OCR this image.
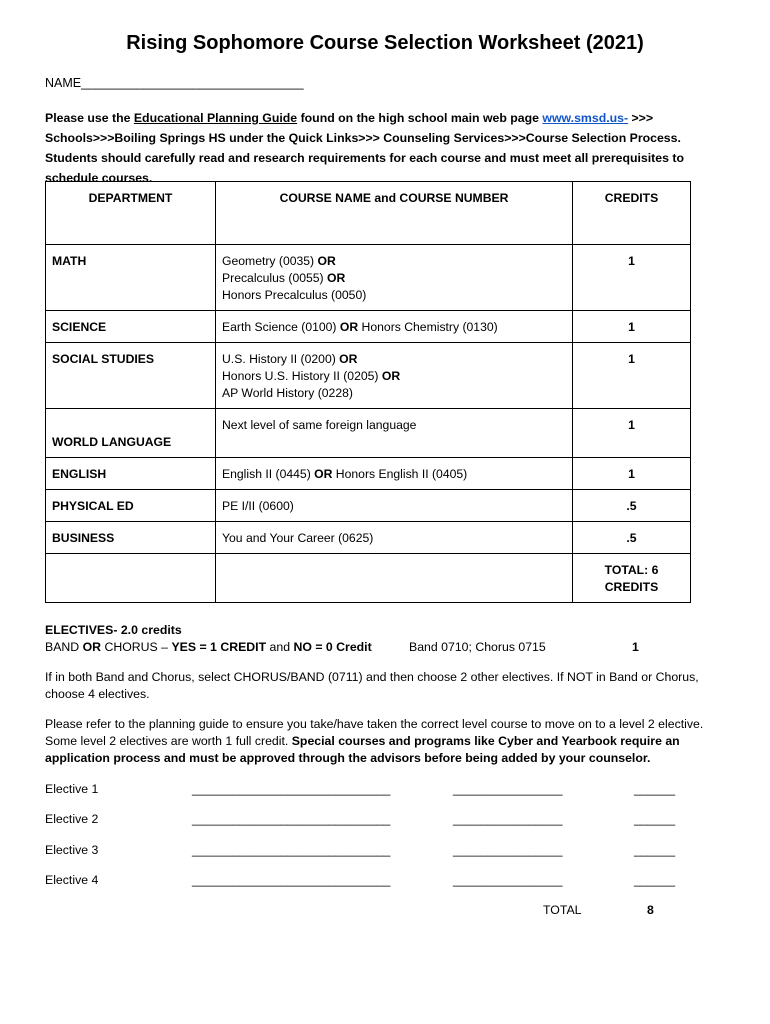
Rising Sophomore Course Selection Worksheet (2021)
NAME________________________________
Please use the Educational Planning Guide found on the high school main web page www.smsd.us- >>> Schools>>>Boiling Springs HS under the Quick Links>>> Counseling Services>>>Course Selection Process. Students should carefully read and research requirements for each course and must meet all prerequisites to schedule courses.
DEPARTMENT	COURSE NAME and COURSE NUMBER	CREDITS
MATH	Geometry (0035) OR
Precalculus (0055) OR
Honors Precalculus (0050)	1
SCIENCE	Earth Science (0100) OR Honors Chemistry (0130)	1
SOCIAL STUDIES	U.S. History II (0200) OR
Honors U.S. History II (0205) OR
AP World History (0228)	1
WORLD LANGUAGE	Next level of same foreign language	1
ENGLISH	English II (0445) OR Honors English II (0405)	1
PHYSICAL ED	PE I/II (0600)	.5
BUSINESS	You and Your Career (0625)	.5
		TOTAL: 6 CREDITS
ELECTIVES- 2.0 credits
BAND OR CHORUS – YES = 1 CREDIT and NO = 0 Credit	Band 0710; Chorus 0715	1
If in both Band and Chorus, select CHORUS/BAND (0711) and then choose 2 other electives. If NOT in Band or Chorus, choose 4 electives.
Please refer to the planning guide to ensure you take/have taken the correct level course to move on to a level 2 elective. Some level 2 electives are worth 1 full credit. Special courses and programs like Cyber and Yearbook require an application process and must be approved through the advisors before being added by your counselor.
Elective 1	_____________________________	________________	______
Elective 2	_____________________________	________________	______
Elective 3	_____________________________	________________	______
Elective 4	_____________________________	________________	______
TOTAL	8
